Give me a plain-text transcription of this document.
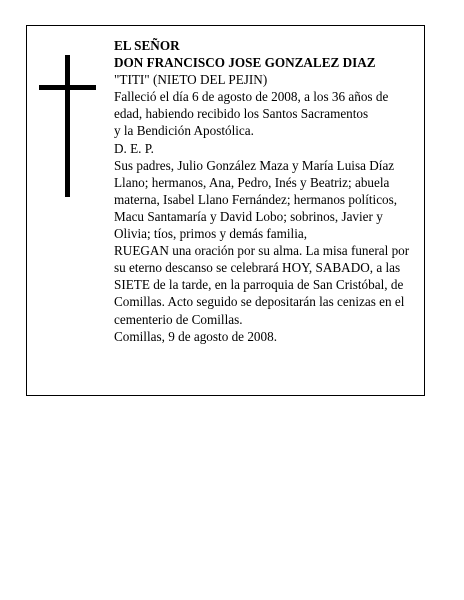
EL SEÑOR
DON FRANCISCO JOSE GONZALEZ DIAZ
"TITI" (NIETO DEL PEJIN)
Falleció el día 6 de agosto de 2008, a los 36 años de
edad, habiendo recibido los Santos Sacramentos
y la Bendición Apostólica.
D. E. P.
Sus padres, Julio González Maza y María Luisa Díaz
Llano; hermanos, Ana, Pedro, Inés y Beatriz; abuela
materna, Isabel Llano Fernández; hermanos políticos,
Macu Santamaría y David Lobo; sobrinos, Javier y
Olivia; tíos, primos y demás familia,
RUEGAN una oración por su alma. La misa funeral por
su eterno descanso se celebrará HOY, SABADO, a las
SIETE de la tarde, en la parroquia de San Cristóbal, de
Comillas. Acto seguido se depositarán las cenizas en el
cementerio de Comillas.
Comillas, 9 de agosto de 2008.
